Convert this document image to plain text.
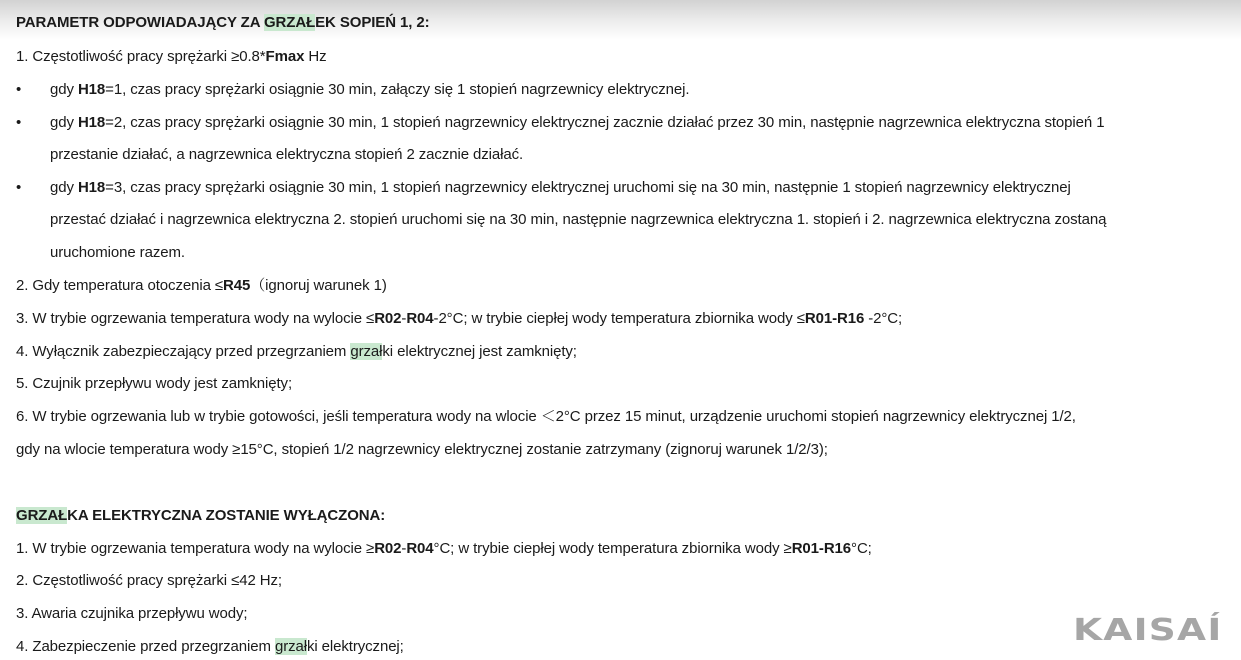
PARAMETR ODPOWIADAJĄCY ZA GRZAŁEK SOPIEŃ 1, 2:
1. Częstotliwość pracy sprężarki ≥0.8*Fmax Hz
• gdy H18=1, czas pracy sprężarki osiągnie 30 min, załączy się 1 stopień nagrzewnicy elektrycznej.
• gdy H18=2, czas pracy sprężarki osiągnie 30 min, 1 stopień nagrzewnicy elektrycznej zacznie działać przez 30 min, następnie nagrzewnica elektryczna stopień 1
przestanie działać, a nagrzewnica elektryczna stopień 2 zacznie działać.
• gdy H18=3, czas pracy sprężarki osiągnie 30 min, 1 stopień nagrzewnicy elektrycznej uruchomi się na 30 min, następnie 1 stopień nagrzewnicy elektrycznej
przestać działać i nagrzewnica elektryczna 2. stopień uruchomi się na 30 min, następnie nagrzewnica elektryczna 1. stopień i 2. nagrzewnica elektryczna zostaną
uruchomione razem.
2. Gdy temperatura otoczenia ≤R45（ignoruj warunek 1)
3. W trybie ogrzewania temperatura wody na wylocie ≤R02-R04-2°C; w trybie ciepłej wody temperatura zbiornika wody ≤R01-R16 -2°C;
4. Wyłącznik zabezpieczający przed przegrzaniem grzałki elektrycznej jest zamknięty;
5. Czujnik przepływu wody jest zamknięty;
6. W trybie ogrzewania lub w trybie gotowości, jeśli temperatura wody na wlocie ＜2°C przez 15 minut, urządzenie uruchomi stopień nagrzewnicy elektrycznej 1/2,
gdy na wlocie temperatura wody ≥15°C, stopień 1/2 nagrzewnicy elektrycznej zostanie zatrzymany (zignoruj warunek 1/2/3);
GRZAŁKA ELEKTRYCZNA ZOSTANIE WYŁĄCZONA:
1. W trybie ogrzewania temperatura wody na wylocie ≥R02-R04°C; w trybie ciepłej wody temperatura zbiornika wody ≥R01-R16°C;
2. Częstotliwość pracy sprężarki ≤42 Hz;
3. Awaria czujnika przepływu wody;
4. Zabezpieczenie przed przegrzaniem grzałki elektrycznej;	KAISAÍ
